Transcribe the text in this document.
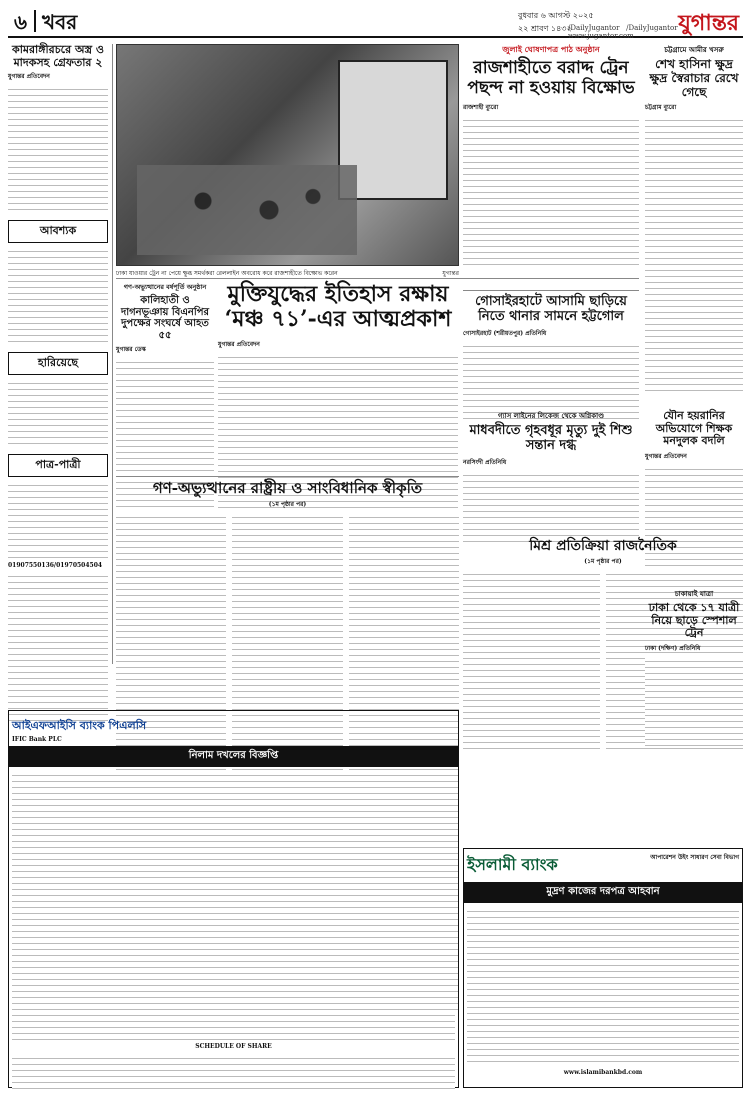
৬ খবর	বুধবার ৬ আগস্ট ২০২৫
২২ শ্রাবণ ১৪৩২
/DailyJugantor /DailyJugantor   www.jugantor.com	যুগান্তর
কামরাঙ্গীরচরে অস্ত্র ও মাদকসহ গ্রেফতার ২
যুগান্তর প্রতিবেদন
আবশ্যক
হারিয়েছে
পাত্র-পাত্রী
01907550136/01970504504
ঢাকা যাওয়ার ট্রেন না পেয়ে ক্ষুব্ধ সমর্থকরা রেললাইন অবরোধ করে রাজশাহীতে বিক্ষোভ করেন	যুগান্তর
জুলাই ঘোষণাপত্র পাঠ অনুষ্ঠান
রাজশাহীতে বরাদ্দ ট্রেন পছন্দ না হওয়ায় বিক্ষোভ
রাজশাহী ব্যুরো
চট্টগ্রামে আমীর খসরু
শেখ হাসিনা ক্ষুদ্র ক্ষুদ্র স্বৈরাচার রেখে গেছে
চট্টগ্রাম ব্যুরো
গণ-অভ্যুত্থানের বর্ষপূর্তি অনুষ্ঠান
কালিহাতী ও দাগনভূঞায় বিএনপির দুপক্ষের সংঘর্ষে আহত ৫৫
যুগান্তর ডেস্ক
মুক্তিযুদ্ধের ইতিহাস রক্ষায় ‘মঞ্চ ৭১’-এর আত্মপ্রকাশ
যুগান্তর প্রতিবেদন
গোসাইরহাটে আসামি ছাড়িয়ে নিতে থানার সামনে হট্টগোল
গোসাইরহাট (শরীয়তপুর) প্রতিনিধি
যৌন হয়রানির অভিযোগে শিক্ষক মনদুলক বদলি
যুগান্তর প্রতিবেদন
গ্যাস লাইনের লিকেজ থেকে অগ্নিকাণ্ড
মাধবদীতে গৃহবধূর মৃত্যু দুই শিশু সন্তান দগ্ধ
নরসিংদী প্রতিনিধি
গণ-অভ্যুত্থানের রাষ্ট্রীয় ও সাংবিধানিক স্বীকৃতি
(১ম পৃষ্ঠার পর)
মিশ্র প্রতিক্রিয়া রাজনৈতিক
(১ম পৃষ্ঠার পর)
চাকায়াই যাত্রা
ঢাকা থেকে ১৭ যাত্রী নিয়ে ছাড়ে স্পেশাল ট্রেন
ঢাকা (দক্ষিণ) প্রতিনিধি
আইএফআইসি ব্যাংক পিএলসি
IFIC Bank PLC
নিলাম দখলের বিজ্ঞপ্তি
SCHEDULE OF SHARE
ইসলামী ব্যাংক	আপারেশন উইং সাধারণ সেবা বিভাগ
মুদ্রণ কাজের দরপত্র আহবান
www.islamibankbd.com
